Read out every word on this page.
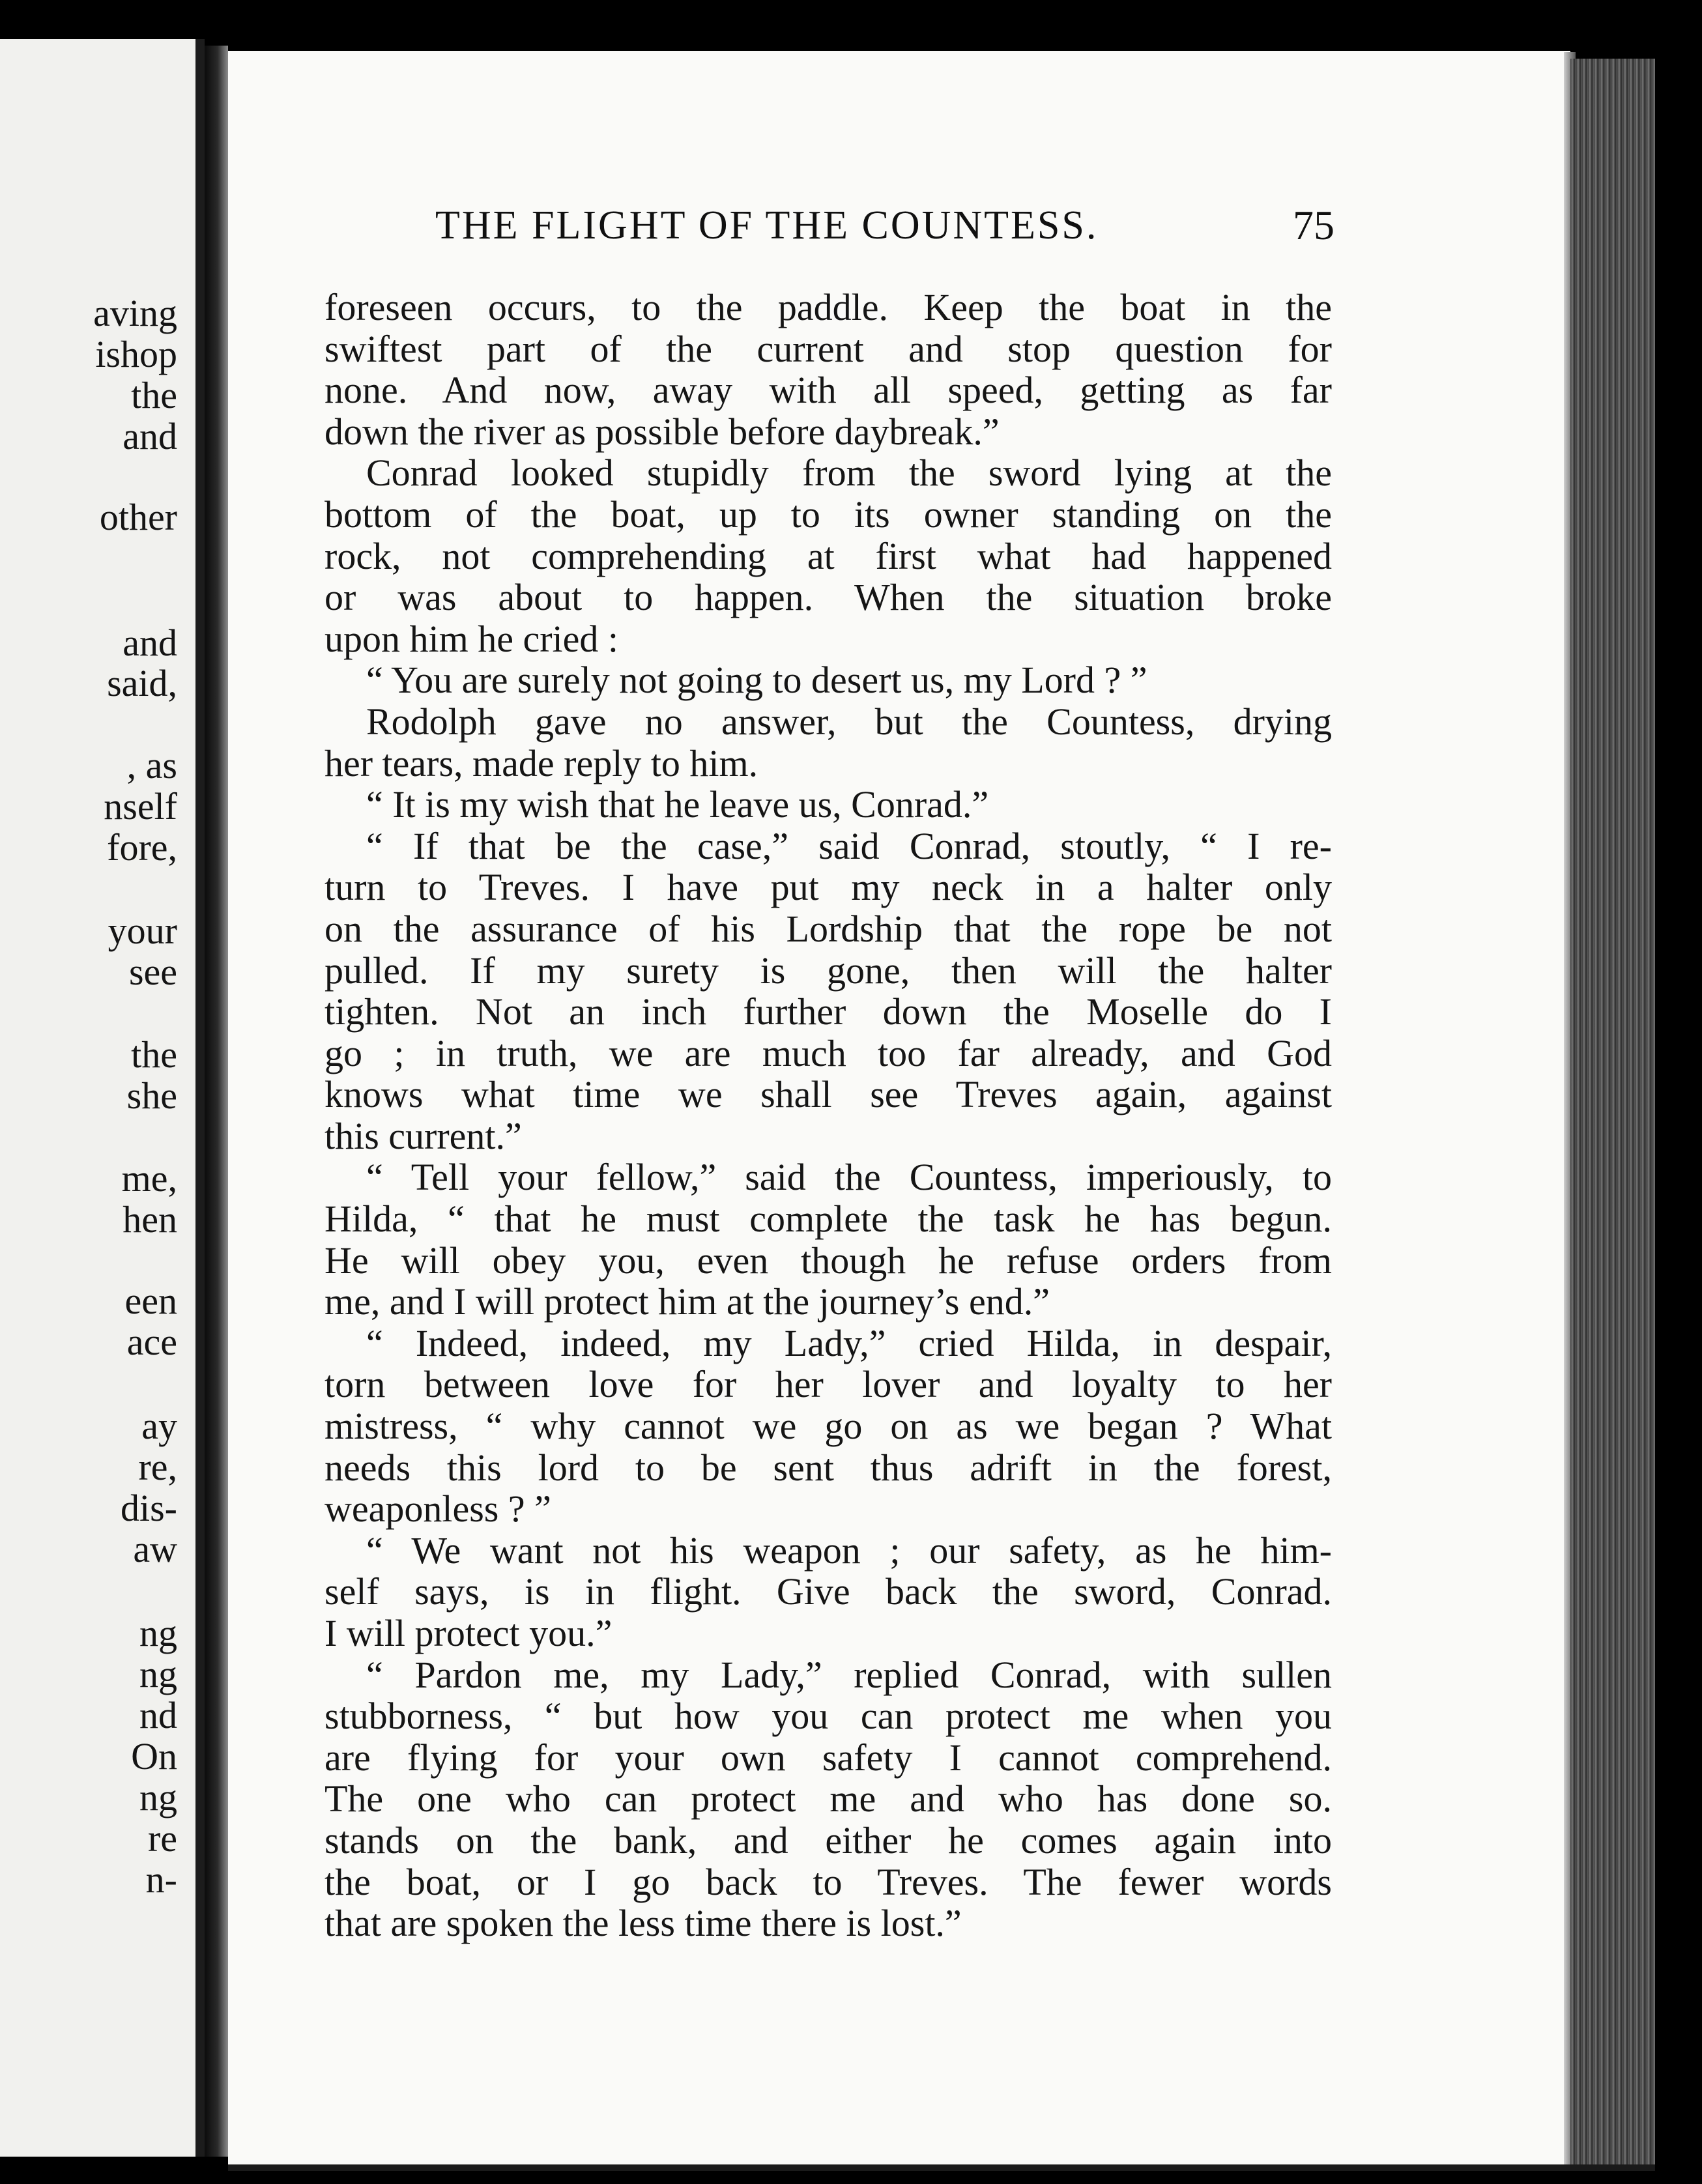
aving
ishop
the
and
other
and
said,
, as
nself
fore,
your
see
the
she
me,
hen
een
ace
ay
re,
dis-
aw
ng
ng
nd
On
ng
re
n-
THE FLIGHT OF THE COUNTESS.	75
foreseen occurs, to the paddle. Keep the boat in the
swiftest part of the current and stop question for
none. And now, away with all speed, getting as far
down the river as possible before daybreak.”
Conrad looked stupidly from the sword lying at the
bottom of the boat, up to its owner standing on the
rock, not comprehending at first what had happened
or was about to happen. When the situation broke
upon him he cried :
“ You are surely not going to desert us, my Lord ? ”
Rodolph gave no answer, but the Countess, drying
her tears, made reply to him.
“ It is my wish that he leave us, Conrad.”
“ If that be the case,” said Conrad, stoutly, “ I re-
turn to Treves. I have put my neck in a halter only
on the assurance of his Lordship that the rope be not
pulled. If my surety is gone, then will the halter
tighten. Not an inch further down the Moselle do I
go ; in truth, we are much too far already, and God
knows what time we shall see Treves again, against
this current.”
“ Tell your fellow,” said the Countess, imperiously, to
Hilda, “ that he must complete the task he has begun.
He will obey you, even though he refuse orders from
me, and I will protect him at the journey’s end.”
“ Indeed, indeed, my Lady,” cried Hilda, in despair,
torn between love for her lover and loyalty to her
mistress, “ why cannot we go on as we began ? What
needs this lord to be sent thus adrift in the forest,
weaponless ? ”
“ We want not his weapon ; our safety, as he him-
self says, is in flight. Give back the sword, Conrad.
I will protect you.”
“ Pardon me, my Lady,” replied Conrad, with sullen
stubborness, “ but how you can protect me when you
are flying for your own safety I cannot comprehend.
The one who can protect me and who has done so.
stands on the bank, and either he comes again into
the boat, or I go back to Treves. The fewer words
that are spoken the less time there is lost.”
